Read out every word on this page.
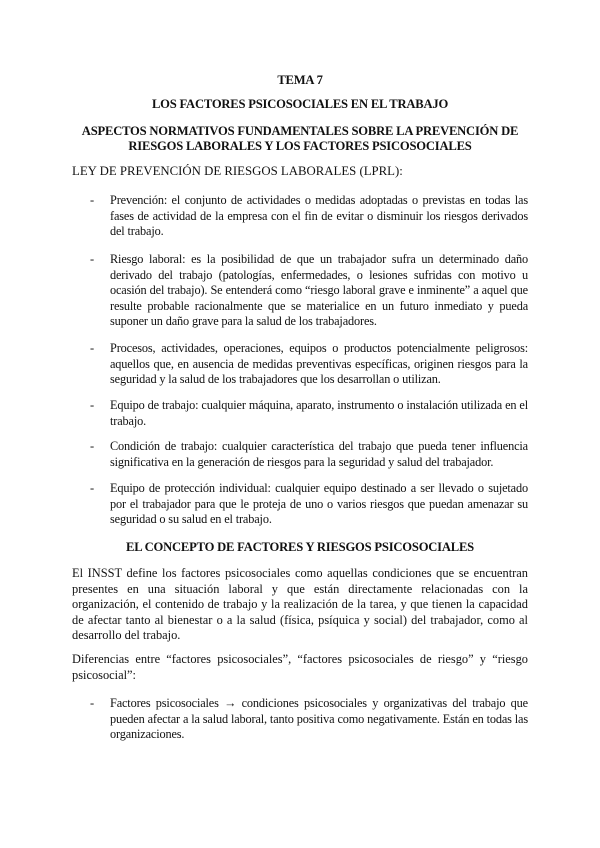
TEMA 7
LOS FACTORES PSICOSOCIALES EN EL TRABAJO
ASPECTOS NORMATIVOS FUNDAMENTALES SOBRE LA PREVENCIÓN DE RIESGOS LABORALES Y LOS FACTORES PSICOSOCIALES
LEY DE PREVENCIÓN DE RIESGOS LABORALES (LPRL):
- Prevención: el conjunto de actividades o medidas adoptadas o previstas en todas las fases de actividad de la empresa con el fin de evitar o disminuir los riesgos derivados del trabajo.
- Riesgo laboral: es la posibilidad de que un trabajador sufra un determinado daño derivado del trabajo (patologías, enfermedades, o lesiones sufridas con motivo u ocasión del trabajo). Se entenderá como “riesgo laboral grave e inminente” a aquel que resulte probable racionalmente que se materialice en un futuro inmediato y pueda suponer un daño grave para la salud de los trabajadores.
- Procesos, actividades, operaciones, equipos o productos potencialmente peligrosos: aquellos que, en ausencia de medidas preventivas específicas, originen riesgos para la seguridad y la salud de los trabajadores que los desarrollan o utilizan.
- Equipo de trabajo: cualquier máquina, aparato, instrumento o instalación utilizada en el trabajo.
- Condición de trabajo: cualquier característica del trabajo que pueda tener influencia significativa en la generación de riesgos para la seguridad y salud del trabajador.
- Equipo de protección individual: cualquier equipo destinado a ser llevado o sujetado por el trabajador para que le proteja de uno o varios riesgos que puedan amenazar su seguridad o su salud en el trabajo.
EL CONCEPTO DE FACTORES Y RIESGOS PSICOSOCIALES
El INSST define los factores psicosociales como aquellas condiciones que se encuentran presentes en una situación laboral y que están directamente relacionadas con la organización, el contenido de trabajo y la realización de la tarea, y que tienen la capacidad de afectar tanto al bienestar o a la salud (física, psíquica y social) del trabajador, como al desarrollo del trabajo.
Diferencias entre “factores psicosociales”, “factores psicosociales de riesgo” y “riesgo psicosocial”:
- Factores psicosociales → condiciones psicosociales y organizativas del trabajo que pueden afectar a la salud laboral, tanto positiva como negativamente. Están en todas las organizaciones.
